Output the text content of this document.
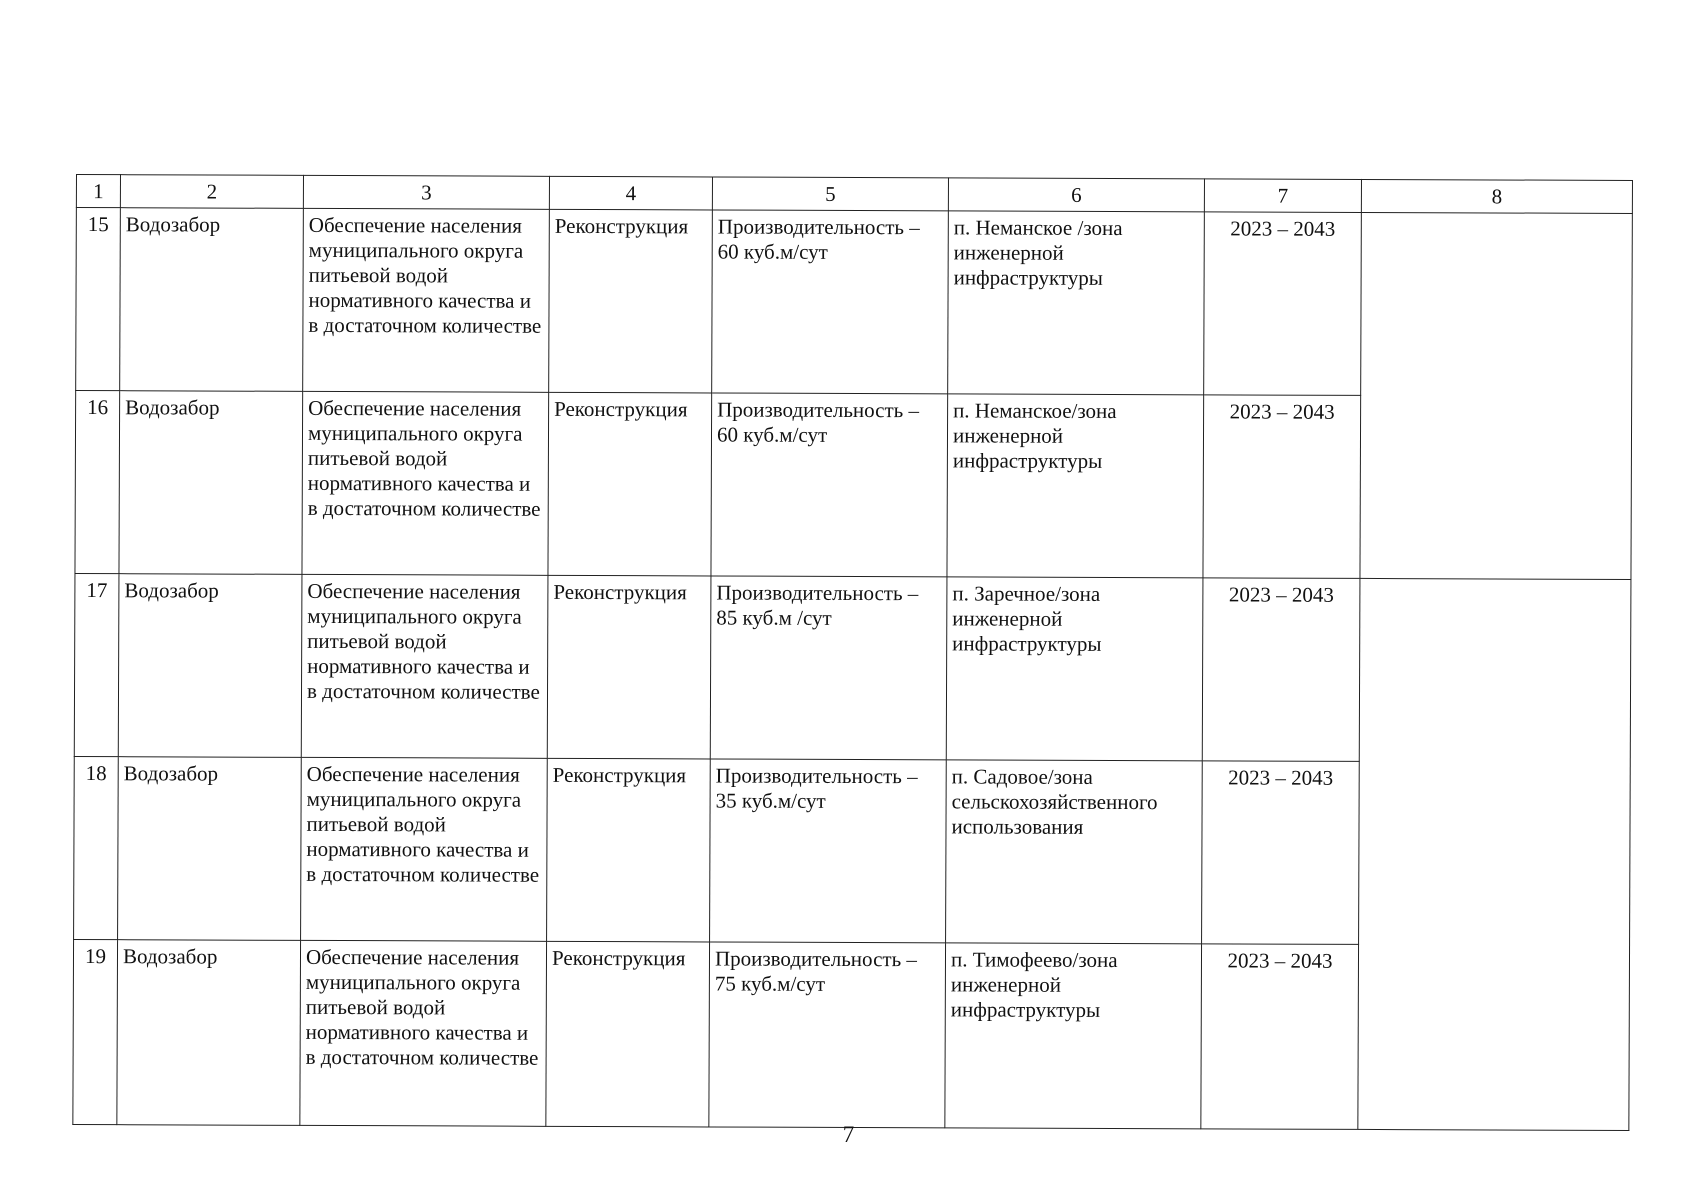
1	2	3	4	5	6	7	8
15	Водозабор	Обеспечение населения муниципального округа питьевой водой нормативного качества и в достаточном количестве	Реконструкция	Производительность – 60 куб.м/сут	п. Неманское /зона инженерной инфраструктуры	2023 – 2043	
16	Водозабор	Обеспечение населения муниципального округа питьевой водой нормативного качества и в достаточном количестве	Реконструкция	Производительность – 60 куб.м/сут	п. Неманское/зона инженерной инфраструктуры	2023 – 2043	
17	Водозабор	Обеспечение населения муниципального округа питьевой водой нормативного качества и в достаточном количестве	Реконструкция	Производительность – 85 куб.м /сут	п. Заречное/зона инженерной инфраструктуры	2023 – 2043	
18	Водозабор	Обеспечение населения муниципального округа питьевой водой нормативного качества и в достаточном количестве	Реконструкция	Производительность – 35 куб.м/сут	п. Садовое/зона сельскохозяйственного использования	2023 – 2043	
19	Водозабор	Обеспечение населения муниципального округа питьевой водой нормативного качества и в достаточном количестве	Реконструкция	Производительность – 75 куб.м/сут	п. Тимофеево/зона инженерной инфраструктуры	2023 – 2043	
7
